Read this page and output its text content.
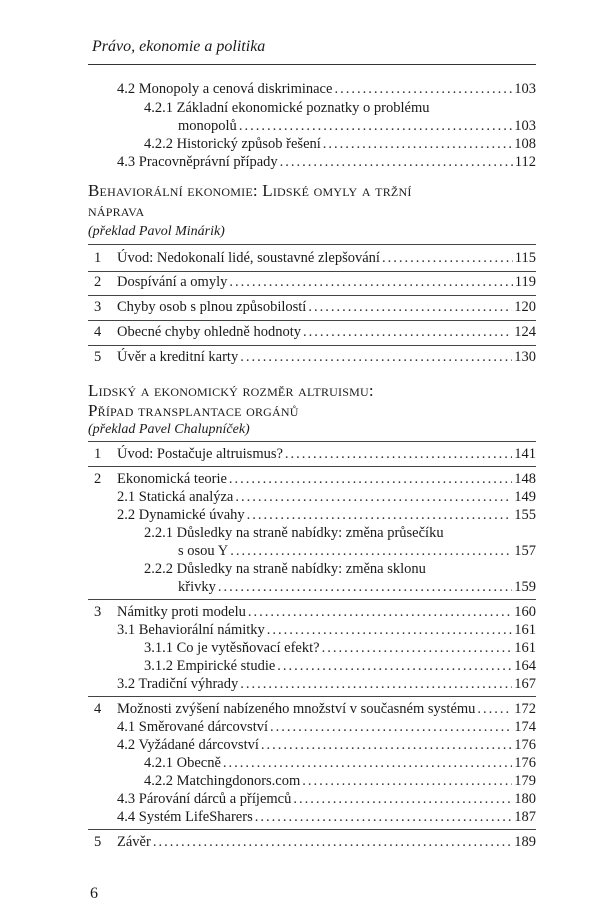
Právo, ekonomie a politika
4.2 Monopoly a cenová diskriminace .....	103
4.2.1 Základní ekonomické poznatky o problému
monopolů .....	103
4.2.2 Historický způsob řešení .....	108
4.3 Pracovněprávní případy .....	112
Behaviorální ekonomie: Lidské omyly a tržní
náprava
(překlad Pavol Minárik)
1 Úvod: Nedokonalí lidé, soustavné zlepšování .....	115
2 Dospívání a omyly .....	119
3 Chyby osob s plnou způsobilostí .....	120
4 Obecné chyby ohledně hodnoty .....	124
5 Úvěr a kreditní karty .....	130
Lidský a ekonomický rozměr altruismu:
Případ transplantace orgánů
(překlad Pavel Chalupníček)
1 Úvod: Postačuje altruismus? .....	141
2 Ekonomická teorie .....	148
2.1 Statická analýza .....	149
2.2 Dynamické úvahy .....	155
2.2.1 Důsledky na straně nabídky: změna průsečíku
s osou Y .....	157
2.2.2 Důsledky na straně nabídky: změna sklonu
křivky .....	159
3 Námitky proti modelu .....	160
3.1 Behaviorální námitky .....	161
3.1.1 Co je vytěsňovací efekt? .....	161
3.1.2 Empirické studie .....	164
3.2 Tradiční výhrady .....	167
4 Možnosti zvýšení nabízeného množství v současném systému .....	172
4.1 Směrované dárcovství .....	174
4.2 Vyžádané dárcovství .....	176
4.2.1 Obecně .....	176
4.2.2 Matchingdonors.com .....	179
4.3 Párování dárců a příjemců .....	180
4.4 Systém LifeSharers .....	187
5 Závěr .....	189
6
